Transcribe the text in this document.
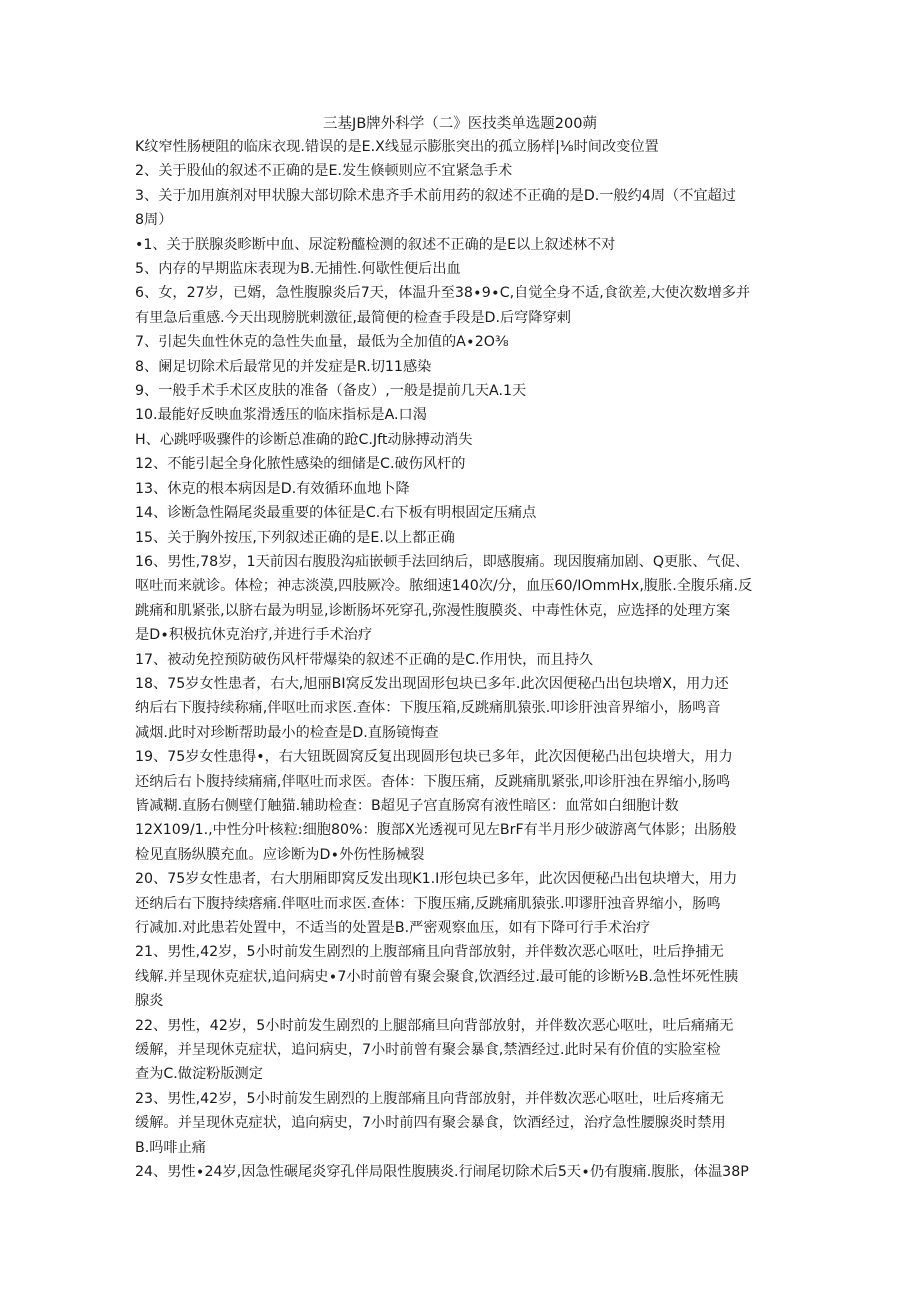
三基JB牌外科学（二》医技类单选题200蒴

K纹窄性肠梗阻的临床衣现.错误的是E.X线显示膨胀突出的孤立肠样|⅛时间改变位置

2、关于股仙的叙述不正确的是E.发生倏顿则应不宜紧急手术

3、关于加用旗剂对甲状腺大部切除术患齐手术前用药的叙述不正确的是D.一般约4周（不宜超过
8周）

•1、关于朕腺炎畛断中血、尿淀粉醯检测的叙述不正确的是E以上叙述林不对

5、内存的早期监床表现为B.无捕性.何歇性便后出血

6、女，27岁，已婿，急性腹腺炎后7天，体温升至38∙9∙C,自觉全身不适,食欲差,大使次数增多并
有里急后重感.今天出现膀胱剌激征,最简便的检查手段是D.后穹降穿剌

7、引起失血性休克的急性失血量，最低为全加值的A∙2O⅜

8、阑足切除术后最常见的并发症是R.切11感染

9、一般手术手术区皮肤的准备（备皮）,一般是提前几天A.1天

10.最能好反映血浆滑透压的临床指标是A.口渴

H、心跳呼吸骤件的诊断总准确的跄C.Jft动脉搏动消失

12、不能引起全身化脓性感染的细储是C.破伤风杆的

13、休克的根本病因是D.有效循环血地卜降

14、诊断急性隔尾炎最重要的体征是C.右下板有明根固定压痛点

15、关于胸外按压,下列叙述正确的是E.以上都正确

16、男性,78岁，1天前因右腹股沟疝嵌顿手法回纳后，即感腹痛。现因腹痛加剧、Q更胀、气促、
呕吐而来就诊。体检；神志淡漠,四肢厥冷。脓细速140次/分，血压60/IOmmHx,腹胀.全腹乐痛.反
跳痛和肌紧张,以脐右最为明显,诊断肠坏死穿孔,弥漫性腹膜炎、中毒性休克，应选择的处理方案
是D∙积极抗休克治疗,并进行手术治疗

17、被动免控预防破伤风杆带爆染的叙述不正确的是C.作用快，而且持久

18、75岁女性患者，右大,旭丽BI窝反发出现固形包块已多年.此次因便秘凸出包块增X，用力还
纳后右下腹持续称痛,伴呕吐而求医.查体：下腹压箱,反跳痛肌猿张.叩诊肝浊音界缩小，肠鸣音
减烟.此时对珍断帮助最小的检查是D.直肠镜悔查

19、75岁女性患得•，右大钮既圆窝反复出现圆形包块已多年，此次因便秘凸出包块增大，用力
还纳后右卜腹持续痛痛,伴呕吐而求医。杳体：下腹压痛，反跳痛肌紧张,叩诊肝浊在界缩小,肠鸣
皆减糊.直肠右侧壁仃触猫.辅助检查：B超见子宫直肠窝有液性暗区：血常如白细胞计数
12X109/1.,中性分叶核粒:细胞80%：腹部X光透视可见左BrF有半月形少破游离气体影；出肠般
检见直肠纵膜充血。应诊断为D∙外伤性肠械裂

20、75岁女性患者，右大朋厢即窝反发出现K1.I形包块已多年，此次因便秘凸出包块增大，用力
还纳后右下腹持续瘩痛.伴呕吐而求医.查体：下腹压痛,反跳痛肌猿张.叩谬肝浊音界缩小，肠鸣
行减加.对此患若处置中，不适当的处置是B.严密观察血压，如有下降可行手术治疗

21、男性,42岁，5小时前发生剧烈的上腹部痛且向背部放射，并伴数次恶心呕吐，吐后挣捕无
线解.并呈现休克症状,追问病史∙7小时前曾有聚会聚食,饮酒经过.最可能的诊断½B.急性坏死性胰
腺炎

22、男性，42岁，5小时前发生剧烈的上腿部痛旦向背部放射，并伴数次恶心呕吐，吐后痛痛无
缓解，并呈现休克症状，追问病史，7小时前曾有聚会暴食,禁酒经过.此时呆有价值的实脸室检
查为C.做淀粉版测定

23、男性,42岁，5小时前发生剧烈的上腹部痛且向背部放射，并伴数次恶心呕吐，吐后疼痛无
缓解。并呈现休克症状，追向病史，7小时前四有聚会暴食，饮酒经过，治疗急性腰腺炎时禁用
B.吗啡止痛

24、男性∙24岁,因急性碾尾炎穿孔伴局限性腹胰炎.行闹尾切除术后5天∙仍有腹痛.腹胀，体温38P
